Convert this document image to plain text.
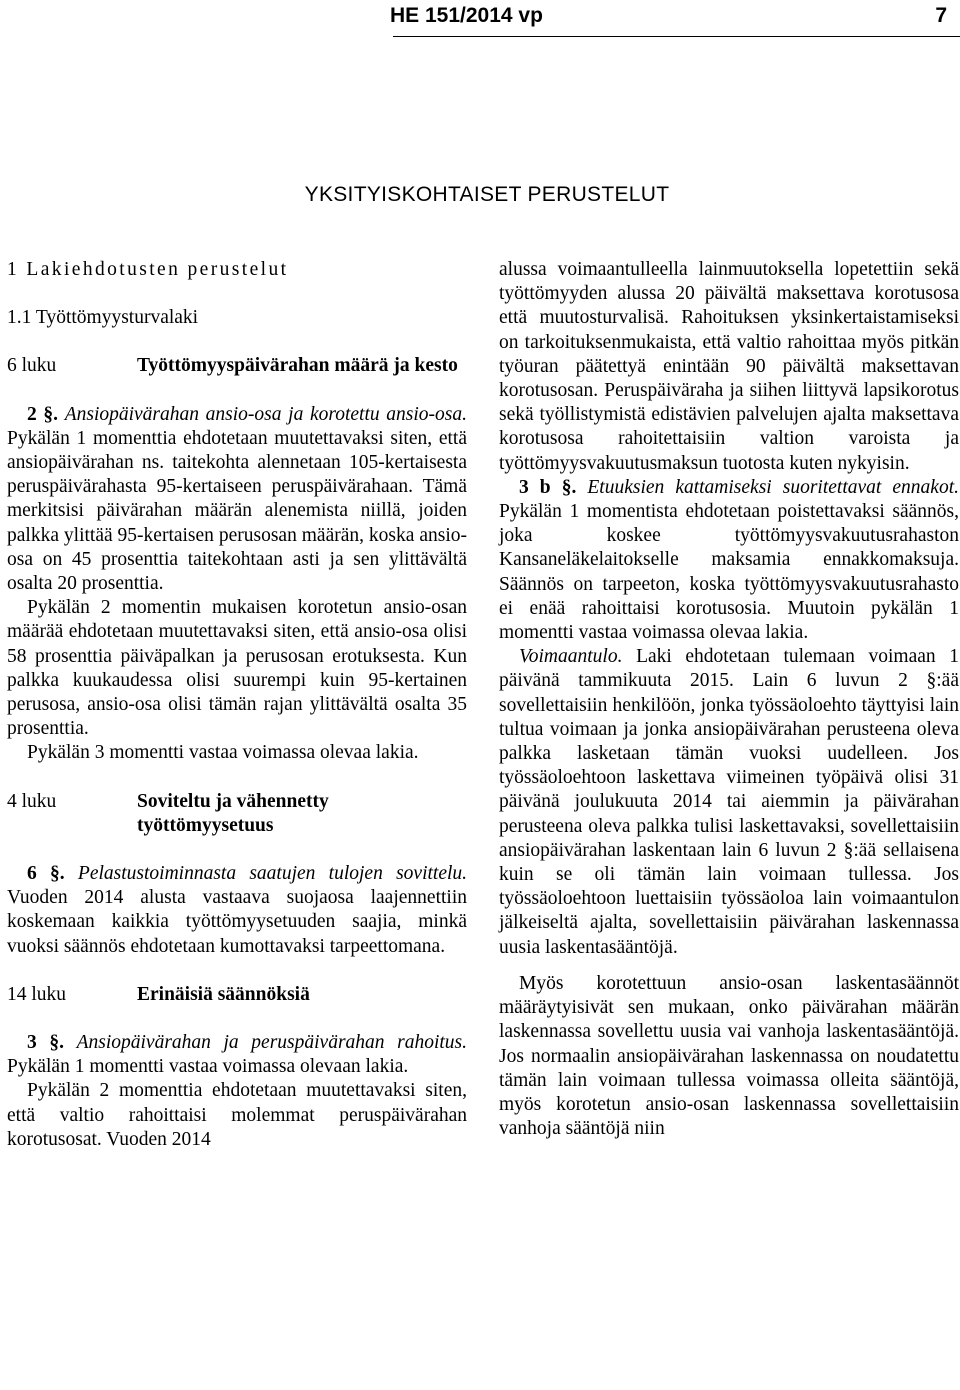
HE 151/2014 vp	7
YKSITYISKOHTAISET PERUSTELUT

1 Lakiehdotusten perustelut

1.1 Työttömyysturvalaki

6 luku	Työttömyyspäivärahan määrä ja kesto

2 §. Ansiopäivärahan ansio-osa ja korotettu ansio-osa. Pykälän 1 momenttia ehdotetaan muutettavaksi siten, että ansiopäivärahan ns. taitekohta alennetaan 105-kertaisesta peruspäivärahasta 95-kertaiseen peruspäivärahaan. Tämä merkitsisi päivärahan määrän alenemista niillä, joiden palkka ylittää 95-kertaisen perusosan määrän, koska ansio-osa on 45 prosenttia taitekohtaan asti ja sen ylittävältä osalta 20 prosenttia.

Pykälän 2 momentin mukaisen korotetun ansio-osan määrää ehdotetaan muutettavaksi siten, että ansio-osa olisi 58 prosenttia päiväpalkan ja perusosan erotuksesta. Kun palkka kuukaudessa olisi suurempi kuin 95-kertainen perusosa, ansio-osa olisi tämän rajan ylittävältä osalta 35 prosenttia.

Pykälän 3 momentti vastaa voimassa olevaa lakia.

4 luku	Soviteltu ja vähennetty työttömyysetuus

6 §. Pelastustoiminnasta saatujen tulojen sovittelu. Vuoden 2014 alusta vastaava suojaosa laajennettiin koskemaan kaikkia työttömyysetuuden saajia, minkä vuoksi säännös ehdotetaan kumottavaksi tarpeettomana.

14 luku	Erinäisiä säännöksiä

3 §. Ansiopäivärahan ja peruspäivärahan rahoitus. Pykälän 1 momentti vastaa voimassa olevaan lakia.

Pykälän 2 momenttia ehdotetaan muutettavaksi siten, että valtio rahoittaisi molemmat peruspäivärahan korotusosat. Vuoden 2014

alussa voimaantulleella lainmuutoksella lopetettiin sekä työttömyyden alussa 20 päivältä maksettava korotusosa että muutosturvalisä. Rahoituksen yksinkertaistamiseksi on tarkoituksenmukaista, että valtio rahoittaa myös pitkän työuran päätettyä enintään 90 päivältä maksettavan korotusosan. Peruspäiväraha ja siihen liittyvä lapsikorotus sekä työllistymistä edistävien palvelujen ajalta maksettava korotusosa rahoitettaisiin valtion varoista ja työttömyysvakuutusmaksun tuotosta kuten nykyisin.

3 b §. Etuuksien kattamiseksi suoritettavat ennakot. Pykälän 1 momentista ehdotetaan poistettavaksi säännös, joka koskee työttömyysvakuutusrahaston Kansaneläkelaitokselle maksamia ennakkomaksuja. Säännös on tarpeeton, koska työttömyysvakuutusrahasto ei enää rahoittaisi korotusosia. Muutoin pykälän 1 momentti vastaa voimassa olevaa lakia.

Voimaantulo. Laki ehdotetaan tulemaan voimaan 1 päivänä tammikuuta 2015. Lain 6 luvun 2 §:ää sovellettaisiin henkilöön, jonka työssäoloehto täyttyisi lain tultua voimaan ja jonka ansiopäivärahan perusteena oleva palkka lasketaan tämän vuoksi uudelleen. Jos työssäoloehtoon laskettava viimeinen työpäivä olisi 31 päivänä joulukuuta 2014 tai aiemmin ja päivärahan perusteena oleva palkka tulisi laskettavaksi, sovellettaisiin ansiopäivärahan laskentaan lain 6 luvun 2 §:ää sellaisena kuin se oli tämän lain voimaan tullessa. Jos työssäoloehtoon luettaisiin työssäoloa lain voimaantulon jälkeiseltä ajalta, sovellettaisiin päivärahan laskennassa uusia laskentasääntöjä.

Myös korotettuun ansio-osan laskentasäännöt määräytyisivät sen mukaan, onko päivärahan määrän laskennassa sovellettu uusia vai vanhoja laskentasääntöjä. Jos normaalin ansiopäivärahan laskennassa on noudatettu tämän lain voimaan tullessa voimassa olleita sääntöjä, myös korotetun ansio-osan laskennassa sovellettaisiin vanhoja sääntöjä niin
